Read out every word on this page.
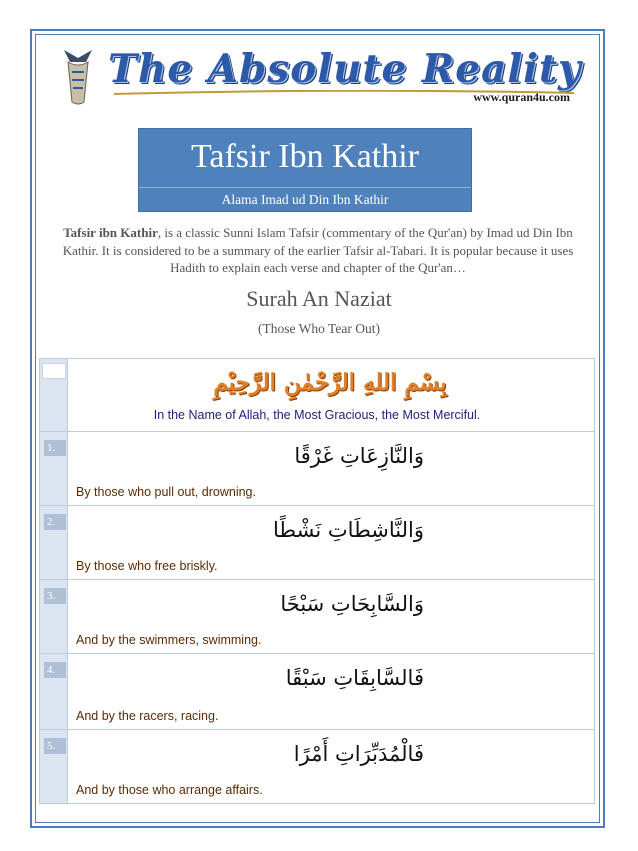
The Absolute Reality
www.quran4u.com
Tafsir Ibn Kathir
Alama Imad ud Din Ibn Kathir
Tafsir ibn Kathir, is a classic Sunni Islam Tafsir (commentary of the Qur'an) by Imad ud Din Ibn Kathir. It is considered to be a summary of the earlier Tafsir al-Tabari. It is popular because it uses Hadith to explain each verse and chapter of the Qur'an…
Surah An Naziat
(Those Who Tear Out)
بِسْمِ اللهِ الرَّحْمٰنِ الرَّحِيْمِ
In the Name of Allah, the Most Gracious, the Most Merciful.
1.	وَالنَّازِعَاتِ غَرْقًا
By those who pull out, drowning.
2.	وَالنَّاشِطَاتِ نَشْطًا
By those who free briskly.
3.	وَالسَّابِحَاتِ سَبْحًا
And by the swimmers, swimming.
4.	فَالسَّابِقَاتِ سَبْقًا
And by the racers, racing.
5.	فَالْمُدَبِّرَاتِ أَمْرًا
And by those who arrange affairs.
